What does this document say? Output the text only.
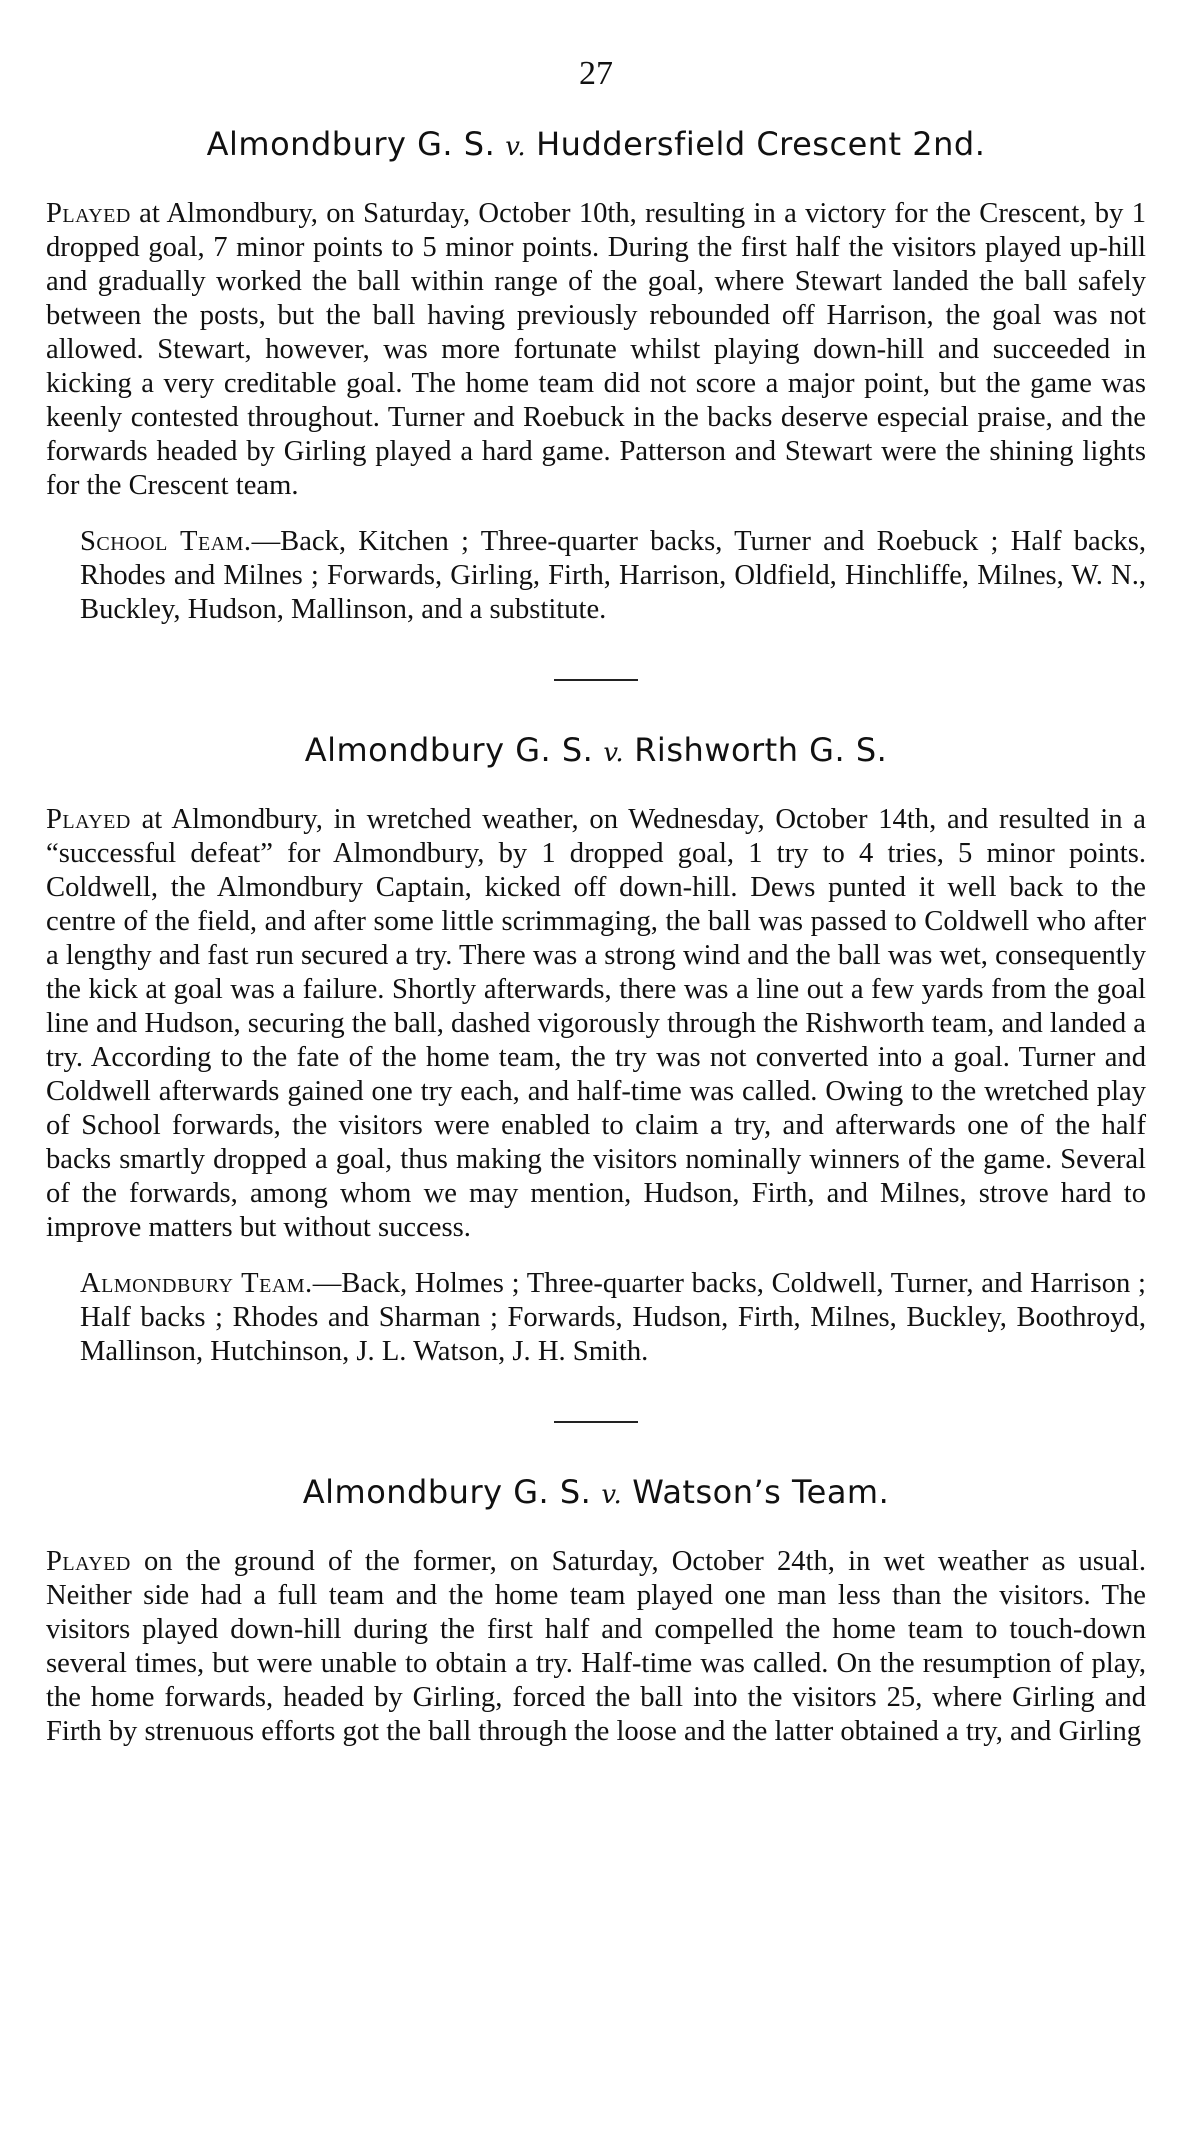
27
Almondbury G. S. v. Huddersfield Crescent 2nd.

Played at Almondbury, on Saturday, October 10th, resulting in a victory for the Crescent, by 1 dropped goal, 7 minor points to 5 minor points. During the first half the visitors played up-hill and gradually worked the ball within range of the goal, where Stewart landed the ball safely between the posts, but the ball having previously rebounded off Harrison, the goal was not allowed. Stewart, however, was more fortunate whilst playing down-hill and succeeded in kicking a very creditable goal. The home team did not score a major point, but the game was keenly contested throughout. Turner and Roebuck in the backs deserve especial praise, and the forwards headed by Girling played a hard game. Patterson and Stewart were the shining lights for the Crescent team.

School Team.—Back, Kitchen ; Three-quarter backs, Turner and Roebuck ; Half backs, Rhodes and Milnes ; Forwards, Girling, Firth, Harrison, Oldfield, Hinchliffe, Milnes, W. N., Buckley, Hudson, Mallinson, and a substitute.

Almondbury G. S. v. Rishworth G. S.

Played at Almondbury, in wretched weather, on Wednesday, October 14th, and resulted in a “successful defeat” for Almondbury, by 1 dropped goal, 1 try to 4 tries, 5 minor points. Coldwell, the Almondbury Captain, kicked off down-hill. Dews punted it well back to the centre of the field, and after some little scrimmaging, the ball was passed to Coldwell who after a lengthy and fast run secured a try. There was a strong wind and the ball was wet, consequently the kick at goal was a failure. Shortly afterwards, there was a line out a few yards from the goal line and Hudson, securing the ball, dashed vigorously through the Rishworth team, and landed a try. According to the fate of the home team, the try was not converted into a goal. Turner and Coldwell afterwards gained one try each, and half-time was called. Owing to the wretched play of School forwards, the visitors were enabled to claim a try, and afterwards one of the half backs smartly dropped a goal, thus making the visitors nominally winners of the game. Several of the forwards, among whom we may mention, Hudson, Firth, and Milnes, strove hard to improve matters but without success.

Almondbury Team.—Back, Holmes ; Three-quarter backs, Coldwell, Turner, and Harrison ; Half backs ; Rhodes and Sharman ; Forwards, Hudson, Firth, Milnes, Buckley, Boothroyd, Mallinson, Hutchinson, J. L. Watson, J. H. Smith.

Almondbury G. S. v. Watson’s Team.

Played on the ground of the former, on Saturday, October 24th, in wet weather as usual. Neither side had a full team and the home team played one man less than the visitors. The visitors played down-hill during the first half and compelled the home team to touch-down several times, but were unable to obtain a try. Half-time was called. On the resumption of play, the home forwards, headed by Girling, forced the ball into the visitors 25, where Girling and Firth by strenuous efforts got the ball through the loose and the latter obtained a try, and Girling
